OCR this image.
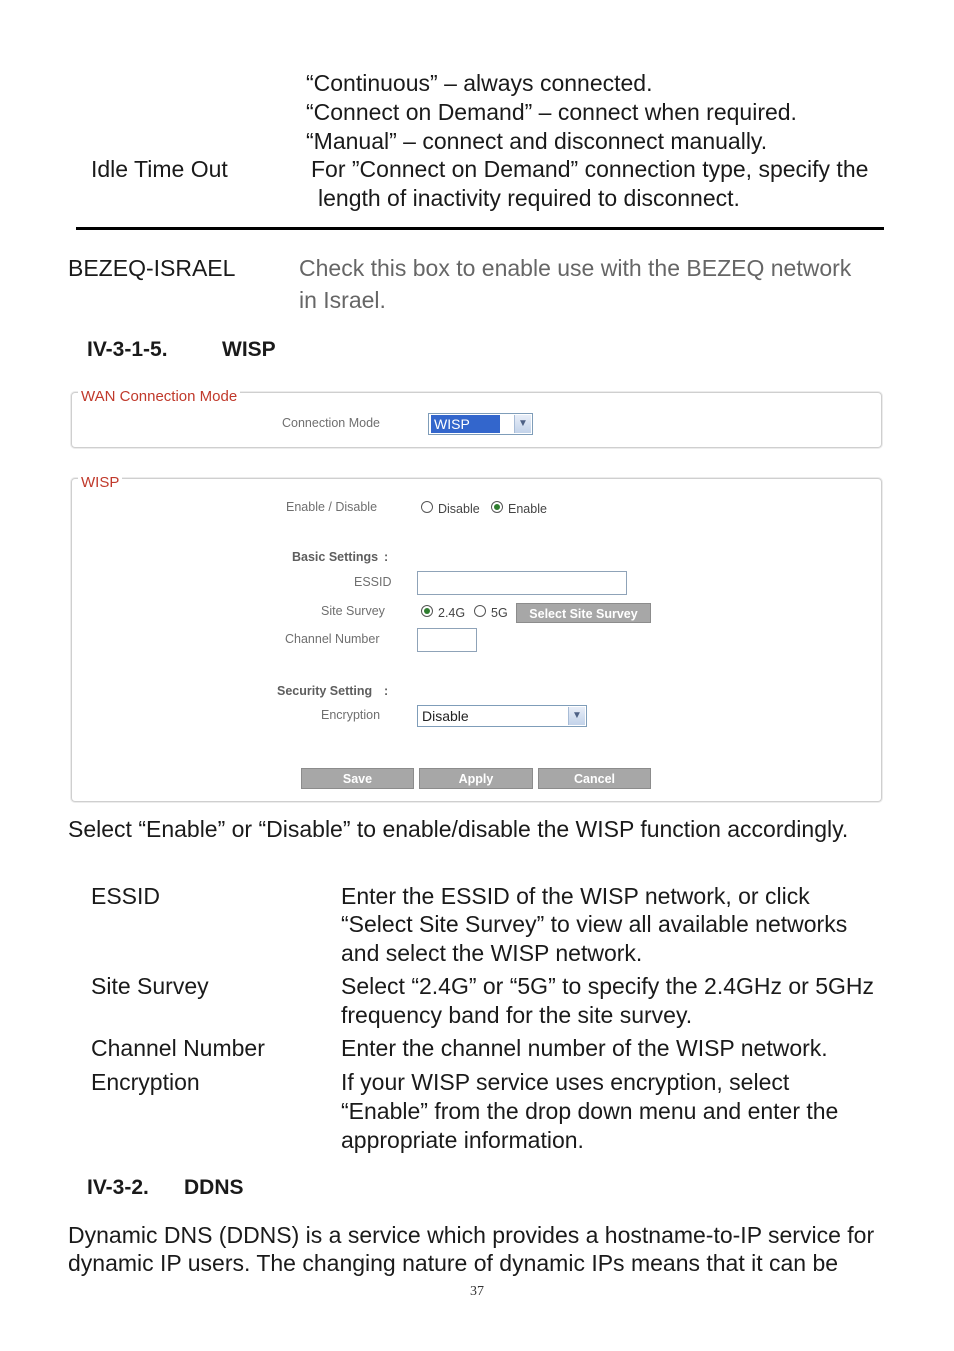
“Continuous” – always connected.
“Connect on Demand” – connect when required.
“Manual” – connect and disconnect manually.
Idle Time Out	For ”Connect on Demand” connection type, specify the
length of inactivity required to disconnect.
BEZEQ-ISRAEL	Check this box to enable use with the BEZEQ network
in Israel.
IV-3-1-5.	WISP
WAN Connection Mode
Connection Mode	WISP	▼
WISP
Enable / Disable	Disable Enable
Basic Settings :
ESSID
Site Survey	2.4G 5G	Select Site Survey
Channel Number
Security Setting :
Encryption	Disable	▼
Save	Apply	Cancel
Select “Enable” or “Disable” to enable/disable the WISP function accordingly.
ESSID	Enter the ESSID of the WISP network, or click
“Select Site Survey” to view all available networks
and select the WISP network.
Site Survey	Select “2.4G” or “5G” to specify the 2.4GHz or 5GHz
frequency band for the site survey.
Channel Number	Enter the channel number of the WISP network.
Encryption	If your WISP service uses encryption, select
“Enable” from the drop down menu and enter the
appropriate information.
IV-3-2. DDNS
Dynamic DNS (DDNS) is a service which provides a hostname-to-IP service for
dynamic IP users. The changing nature of dynamic IPs means that it can be
37
